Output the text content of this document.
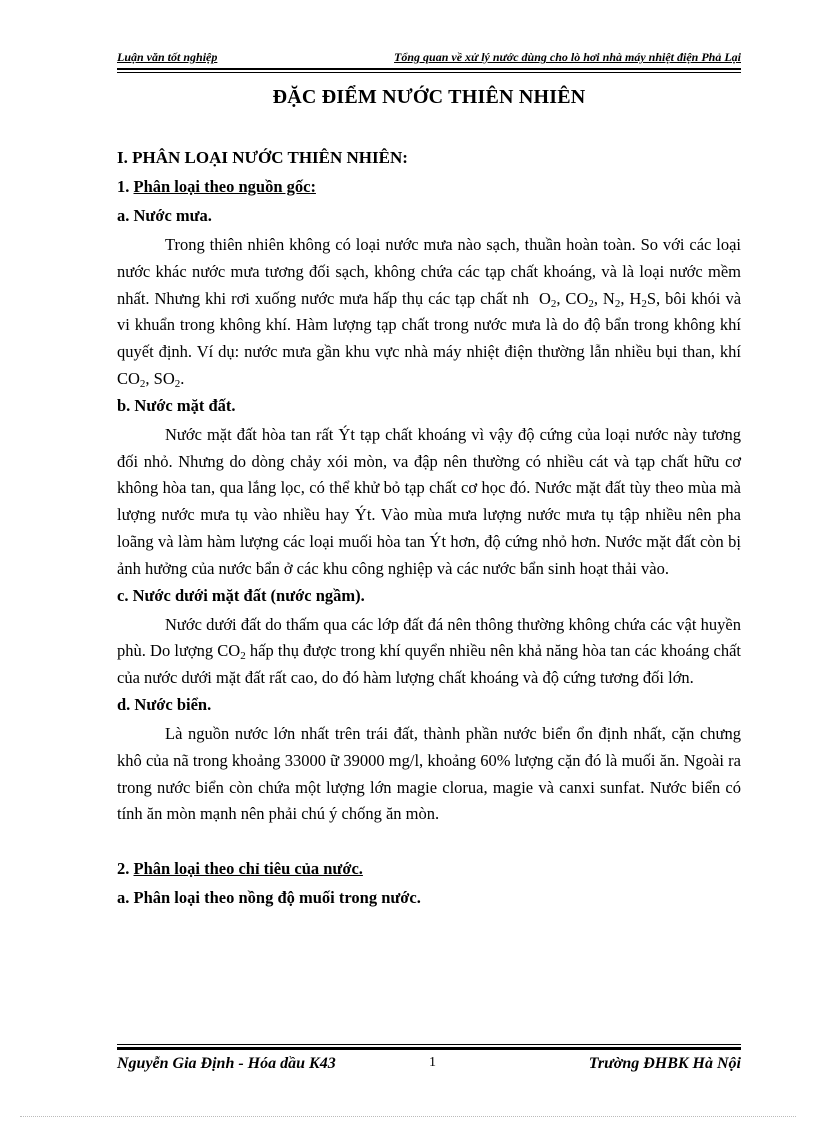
Luận văn tốt nghiệp	Tổng quan về xử lý nước dùng cho lò hơi nhà máy nhiệt điện Phả Lại
ĐẶC ĐIỂM NƯỚC THIÊN NHIÊN
I. PHÂN LOẠI NƯỚC THIÊN NHIÊN:
1. Phân loại theo nguồn gốc:
a. Nước mưa.

Trong thiên nhiên không có loại nước mưa nào sạch, thuần hoàn toàn. So với các loại nước khác nước mưa tương đối sạch, không chứa các tạp chất khoáng, và là loại nước mềm nhất. Nhưng khi rơi xuống nước mưa hấp thụ các tạp chất nh $O_2$, $CO_2$, $N_2$, $H_2S$, bôi khói và vi khuẩn trong không khí. Hàm lượng tạp chất trong nước mưa là do độ bẩn trong không khí quyết định. Ví dụ: nước mưa gần khu vực nhà máy nhiệt điện thường lẫn nhiều bụi than, khí $CO_2$, $SO_2$.

b. Nước mặt đất.

Nước mặt đất hòa tan rất Ýt tạp chất khoáng vì vậy độ cứng của loại nước này tương đối nhỏ. Nhưng do dòng chảy xói mòn, va đập nên thường có nhiều cát và tạp chất hữu cơ không hòa tan, qua lắng lọc, có thể khử bỏ tạp chất cơ học đó. Nước mặt đất tùy theo mùa mà lượng nước mưa tụ vào nhiều hay Ýt. Vào mùa mưa lượng nước mưa tụ tập nhiều nên pha loãng và làm hàm lượng các loại muối hòa tan Ýt hơn, độ cứng nhỏ hơn. Nước mặt đất còn bị ảnh hưởng của nước bẩn ở các khu công nghiệp và các nước bẩn sinh hoạt thải vào.

c. Nước dưới mặt đất (nước ngầm).

Nước dưới đất do thấm qua các lớp đất đá nên thông thường không chứa các vật huyền phù. Do lượng $CO_2$ hấp thụ được trong khí quyển nhiều nên khả năng hòa tan các khoáng chất của nước dưới mặt đất rất cao, do đó hàm lượng chất khoáng và độ cứng tương đối lớn.

d. Nước biển.

Là nguồn nước lớn nhất trên trái đất, thành phần nước biển ổn định nhất, cặn chưng khô của nã trong khoảng 33000 ữ 39000 mg/l, khoảng 60% lượng cặn đó là muối ăn. Ngoài ra trong nước biển còn chứa một lượng lớn magie clorua, magie và canxi sunfat. Nước biển có tính ăn mòn mạnh nên phải chú ý chống ăn mòn.

2. Phân loại theo chỉ tiêu của nước.
a. Phân loại theo nồng độ muối trong nước.
Nguyễn Gia Định - Hóa dầu K43	1	Trường ĐHBK Hà Nội
